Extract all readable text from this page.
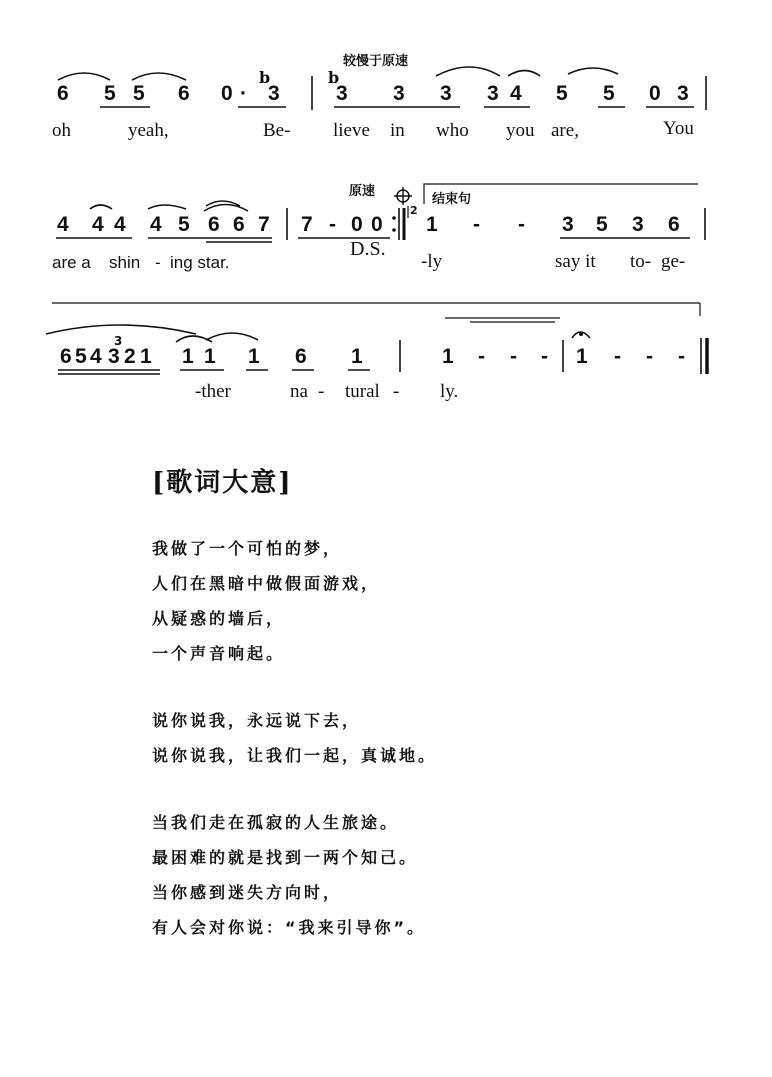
较慢于原速
6 5 5 6 0 ·
b
3
b
3 3 3 3 4 5 5 0 3
oh	yeah,	Be- lieve in who you are,	You
原速
结束句
2
4 4 4 4 5 6 6 7 7 - 0 0 1 - - 3 5 3 6
are a shin - ing star.
D.S.
-ly	say it to- ge-
3
6 5 4 3 2 1 1 1 1 6 1	1 - - - 1 - - -
-ther	na - tural - ly.
[歌词大意]
我做了一个可怕的梦，
人们在黑暗中做假面游戏，
从疑惑的墙后，
一个声音响起。
说你说我，永远说下去，
说你说我，让我们一起，真诚地。
当我们走在孤寂的人生旅途。
最困难的就是找到一两个知己。
当你感到迷失方向时，
有人会对你说：“我来引导你”。
